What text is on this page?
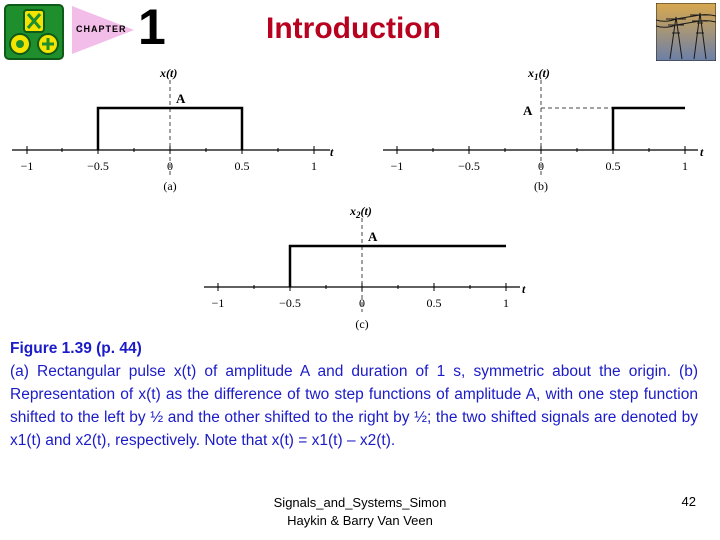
CHAPTER 1	Introduction
x(t)
A
t
−1	−0.5	0	0.5	1
(a)
$x_1(t)$
A
t
−1	−0.5	0	0.5	1
(b)
$x_2(t)$
A
t
−1	−0.5	0	0.5	1
(c)
Figure 1.39 (p. 44)
(a) Rectangular pulse x(t) of amplitude A and duration of 1 s, symmetric about the origin. (b) Representation of x(t) as the difference of two step functions of amplitude A, with one step function shifted to the left by ½ and the other shifted to the right by ½; the two shifted signals are denoted by x1(t) and x2(t), respectively. Note that x(t) = x1(t) – x2(t).
Signals_and_Systems_Simon
Haykin & Barry Van Veen
42
